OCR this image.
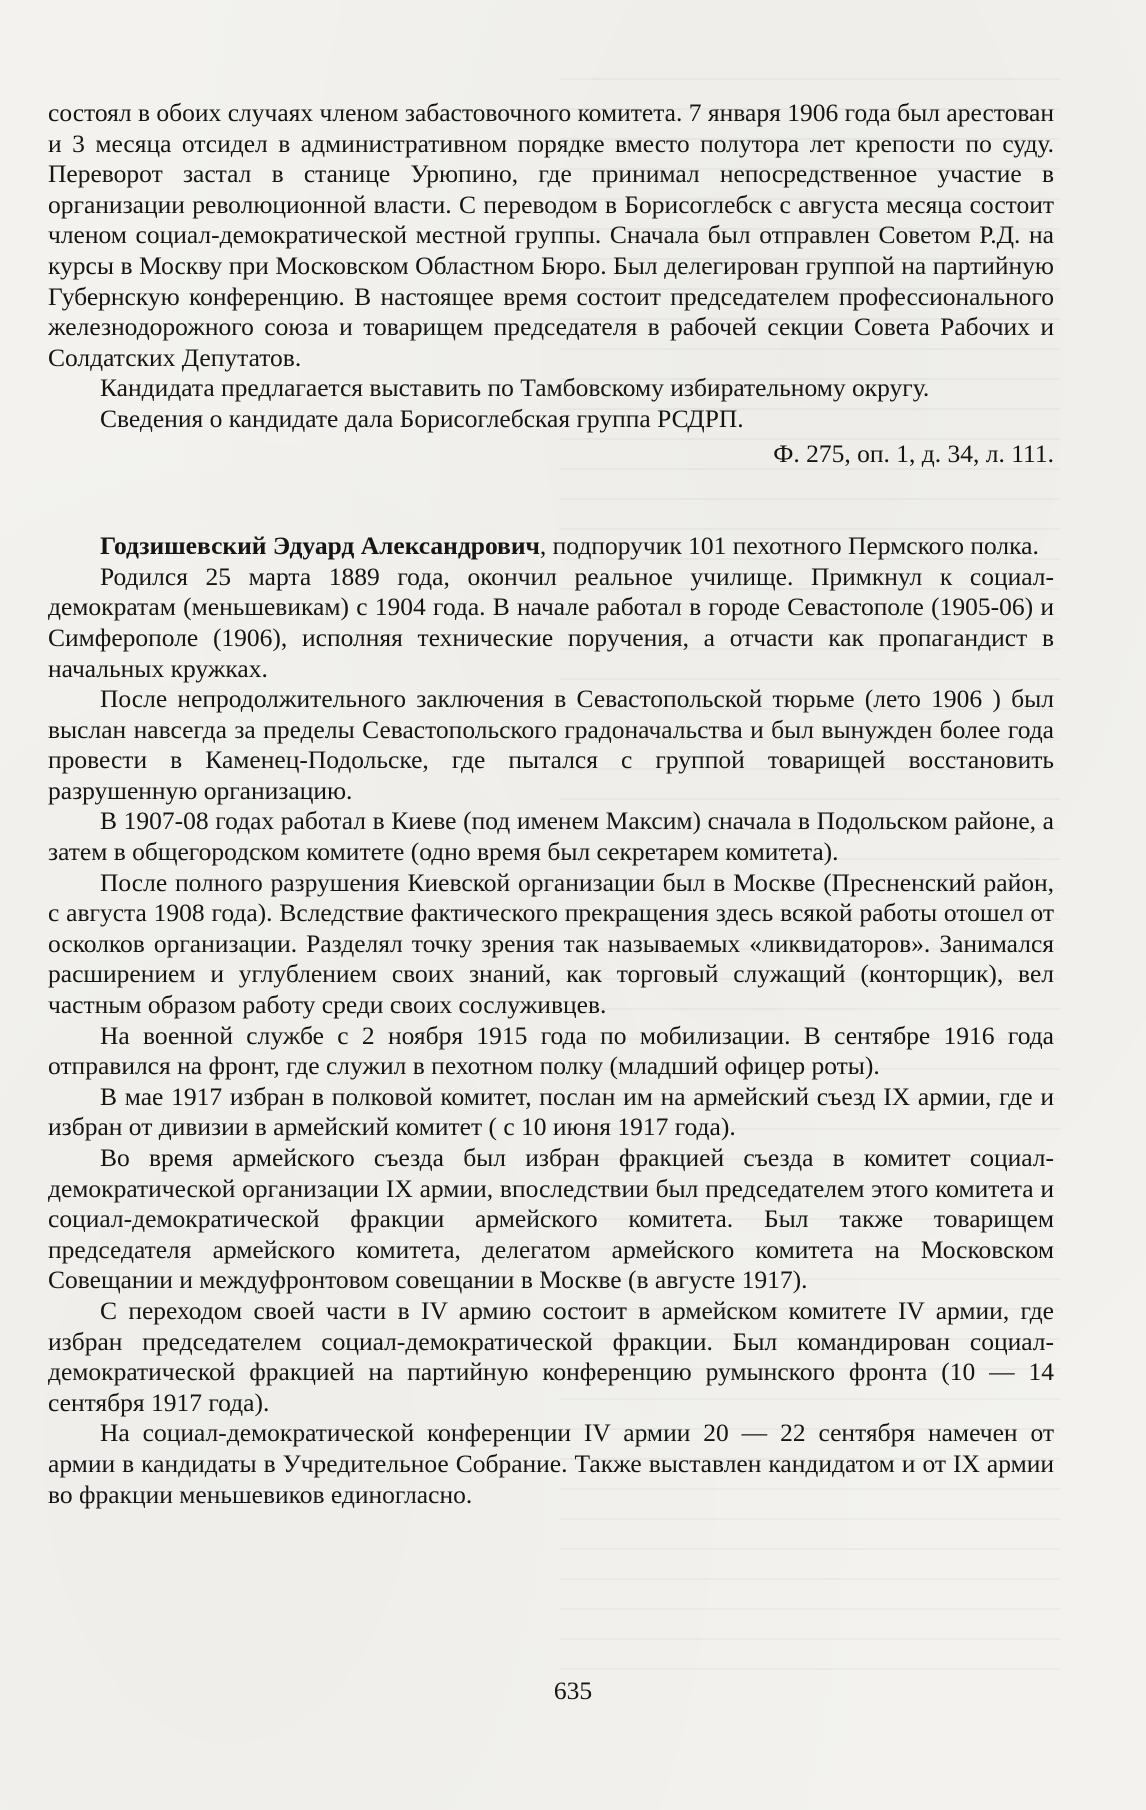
состоял в обоих случаях членом забастовочного комитета. 7 января 1906 года был арестован и 3 месяца отсидел в административном порядке вместо полутора лет крепости по суду. Переворот застал в станице Урюпино, где принимал непосредственное участие в организации революционной власти. С переводом в Борисоглебск с августа месяца состоит членом социал-демократической местной группы. Сначала был отправлен Советом Р.Д. на курсы в Москву при Московском Областном Бюро. Был делегирован группой на партийную Губернскую конференцию. В настоящее время состоит председателем профессионального железнодорожного союза и товарищем председателя в рабочей секции Совета Рабочих и Солдатских Депутатов.

Кандидата предлагается выставить по Тамбовскому избирательному округу.

Сведения о кандидате дала Борисоглебская группа РСДРП.

Ф. 275, оп. 1, д. 34, л. 111.

Годзишевский Эдуард Александрович, подпоручик 101 пехотного Пермского полка.

Родился 25 марта 1889 года, окончил реальное училище. Примкнул к социал-демократам (меньшевикам) с 1904 года. В начале работал в городе Севастополе (1905-06) и Симферополе (1906), исполняя технические поручения, а отчасти как пропагандист в начальных кружках.

После непродолжительного заключения в Севастопольской тюрьме (лето 1906 ) был выслан навсегда за пределы Севастопольского градоначальства и был вынужден более года провести в Каменец-Подольске, где пытался с группой товарищей восстановить разрушенную организацию.

В 1907-08 годах работал в Киеве (под именем Максим) сначала в Подольском районе, а затем в общегородском комитете (одно время был секретарем комитета).

После полного разрушения Киевской организации был в Москве (Пресненский район, с августа 1908 года). Вследствие фактического прекращения здесь всякой работы отошел от осколков организации. Разделял точку зрения так называемых «ликвидаторов». Занимался расширением и углублением своих знаний, как торговый служащий (конторщик), вел частным образом работу среди своих сослуживцев.

На военной службе с 2 ноября 1915 года по мобилизации. В сентябре 1916 года отправился на фронт, где служил в пехотном полку (младший офицер роты).

В мае 1917 избран в полковой комитет, послан им на армейский съезд IX армии, где и избран от дивизии в армейский комитет ( с 10 июня 1917 года).

Во время армейского съезда был избран фракцией съезда в комитет социал-демократической организации IX армии, впоследствии был председателем этого комитета и социал-демократической фракции армейского комитета. Был также товарищем председателя армейского комитета, делегатом армейского комитета на Московском Совещании и междуфронтовом совещании в Москве (в августе 1917).

С переходом своей части в IV армию состоит в армейском комитете IV армии, где избран председателем социал-демократической фракции. Был командирован социал-демократической фракцией на партийную конференцию румынского фронта (10 — 14 сентября 1917 года).

На социал-демократической конференции IV армии 20 — 22 сентября намечен от армии в кандидаты в Учредительное Собрание. Также выставлен кандидатом и от IX армии во фракции меньшевиков единогласно.

635
